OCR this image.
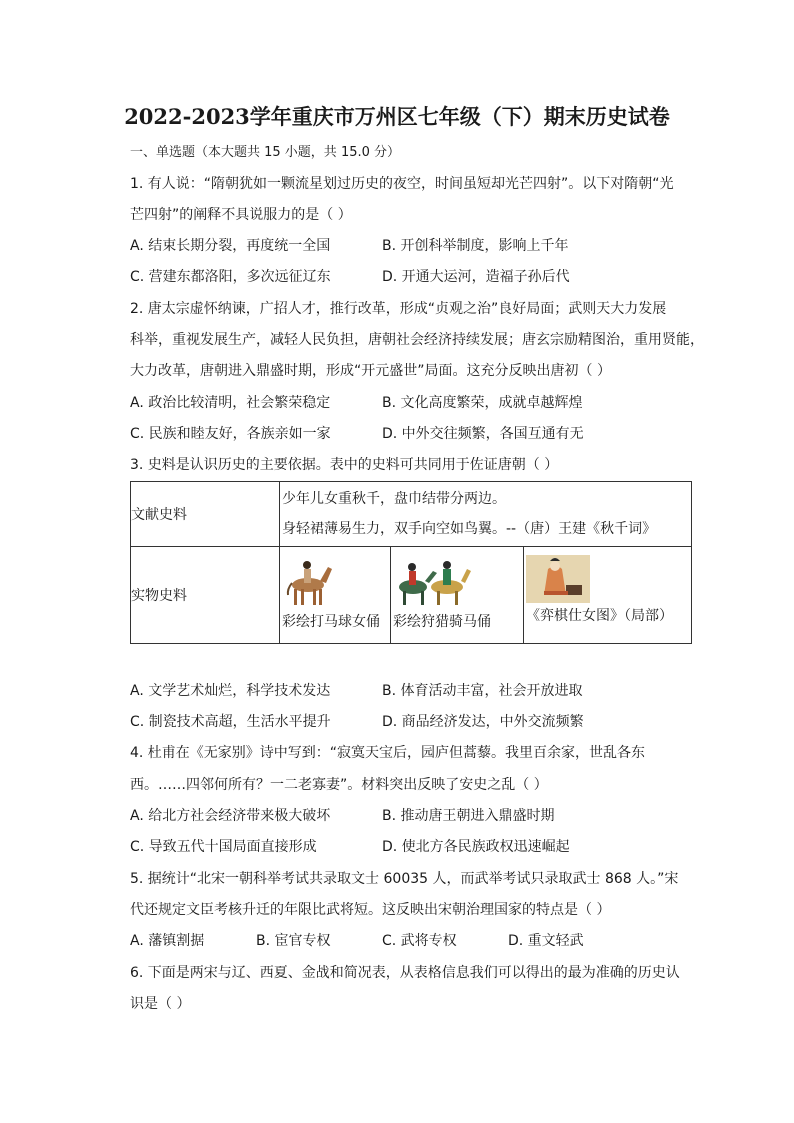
2022-2023学年重庆市万州区七年级（下）期末历史试卷
一、单选题（本大题共 15 小题，共 15.0 分）
1. 有人说：“隋朝犹如一颗流星划过历史的夜空，时间虽短却光芒四射”。以下对隋朝“光
芒四射”的阐释不具说服力的是（ ）
A. 结束长期分裂，再度统一全国	B. 开创科举制度，影响上千年
C. 营建东都洛阳，多次远征辽东	D. 开通大运河，造福子孙后代
2. 唐太宗虚怀纳谏，广招人才，推行改革，形成“贞观之治”良好局面；武则天大力发展
科举，重视发展生产，减轻人民负担，唐朝社会经济持续发展；唐玄宗励精图治，重用贤能，
大力改革，唐朝进入鼎盛时期，形成“开元盛世”局面。这充分反映出唐初（ ）
A. 政治比较清明，社会繁荣稳定	B. 文化高度繁荣，成就卓越辉煌
C. 民族和睦友好，各族亲如一家	D. 中外交往频繁，各国互通有无
3. 史料是认识历史的主要依据。表中的史料可共同用于佐证唐朝（ ）
文献史料	少年儿女重秋千，盘巾结带分两边。
身轻裙薄易生力，双手向空如鸟翼。--（唐）王建《秋千词》		

实物史料	彩绘打马球女俑	彩绘狩猎骑马俑	《弈棋仕女图》（局部）
A. 文学艺术灿烂，科学技术发达	B. 体育活动丰富，社会开放进取
C. 制瓷技术高超，生活水平提升	D. 商品经济发达，中外交流频繁
4. 杜甫在《无家别》诗中写到：“寂寞天宝后，园庐但蒿藜。我里百余家，世乱各东
西。……四邻何所有？一二老寡妻”。材料突出反映了安史之乱（ ）
A. 给北方社会经济带来极大破坏	B. 推动唐王朝进入鼎盛时期
C. 导致五代十国局面直接形成	D. 使北方各民族政权迅速崛起
5. 据统计“北宋一朝科举考试共录取文士 60035 人，而武举考试只录取武士 868 人。”宋
代还规定文臣考核升迁的年限比武将短。这反映出宋朝治理国家的特点是（ ）
A. 藩镇割据	B. 宦官专权	C. 武将专权	D. 重文轻武
6. 下面是两宋与辽、西夏、金战和简况表，从表格信息我们可以得出的最为准确的历史认
识是（ ）
